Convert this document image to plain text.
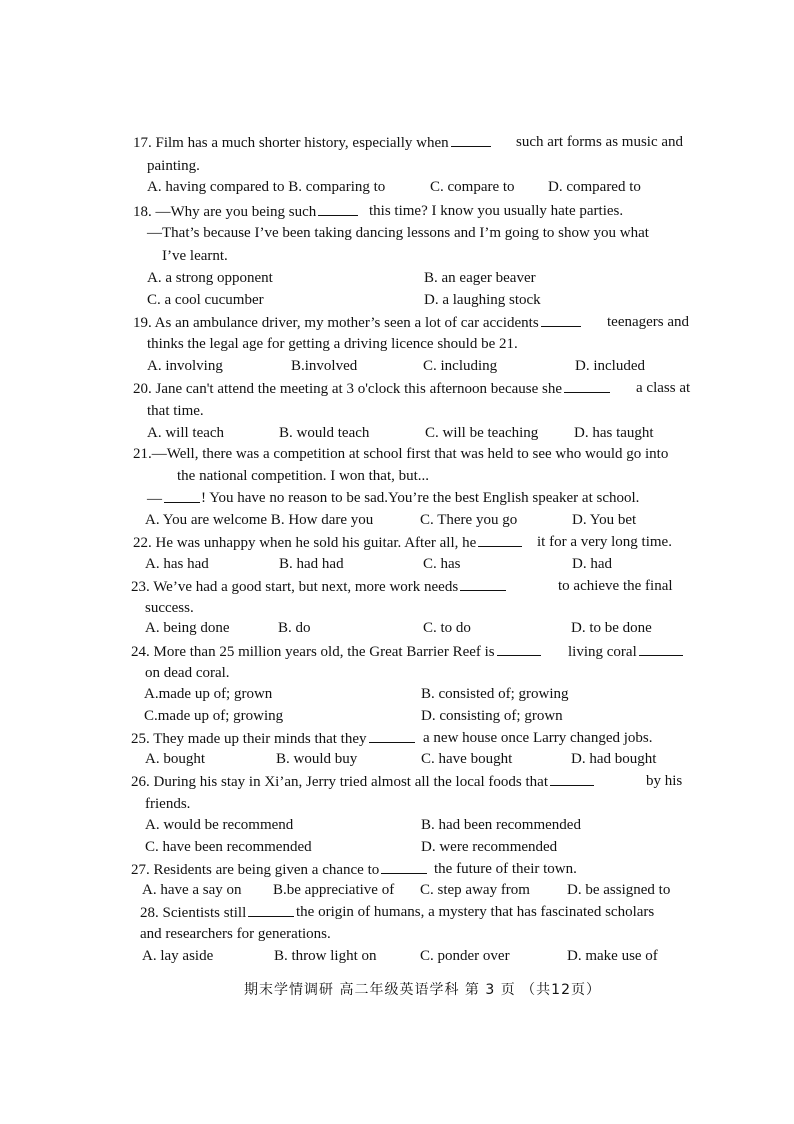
17. Film has a much shorter history, especially when	such art forms as music and
painting.
A. having compared to B. comparing to	C. compare to D. compared to
18. —Why are you being such	this time? I know you usually hate parties.
—That’s because I’ve been taking dancing lessons and I’m going to show you what
I’ve learnt.
A. a strong opponent	B. an eager beaver
C. a cool cucumber	D. a laughing stock
19. As an ambulance driver, my mother’s seen a lot of car accidents	teenagers and
thinks the legal age for getting a driving licence should be 21.
A. involving	B.involved	C. including	D. included
20. Jane can't attend the meeting at 3 o'clock this afternoon because she	a class at
that time.
A. will teach	B. would teach	C. will be teaching D. has taught
21.—Well, there was a competition at school first that was held to see who would go into
the national competition. I won that, but...
—	! You have no reason to be sad.You’re the best English speaker at school.
A. You are welcome B. How dare you	C. There you go	D. You bet
22. He was unhappy when he sold his guitar. After all, he	it for a very long time.
A. has had	B. had had	C. has	D. had
23. We’ve had a good start, but next, more work needs	to achieve the final
success.
A. being done	B. do	C. to do	D. to be done
24. More than 25 million years old, the Great Barrier Reef is	living coral
on dead coral.
A.made up of; grown	B. consisted of; growing
C.made up of; growing	D. consisting of; grown
25. They made up their minds that they	a new house once Larry changed jobs.
A. bought	B. would buy	C. have bought	D. had bought
26. During his stay in Xi’an, Jerry tried almost all the local foods that	by his
friends.
A. would be recommend	B. had been recommended
C. have been recommended	D. were recommended
27. Residents are being given a chance to	the future of their town.
A. have a say on B.be appreciative of C. step away from D. be assigned to
28. Scientists still	the origin of humans, a mystery that has fascinated scholars
and researchers for generations.
A. lay aside	B. throw light on	C. ponder over	D. make use of
期末学情调研 高二年级英语学科 第 3 页 （共12页）
